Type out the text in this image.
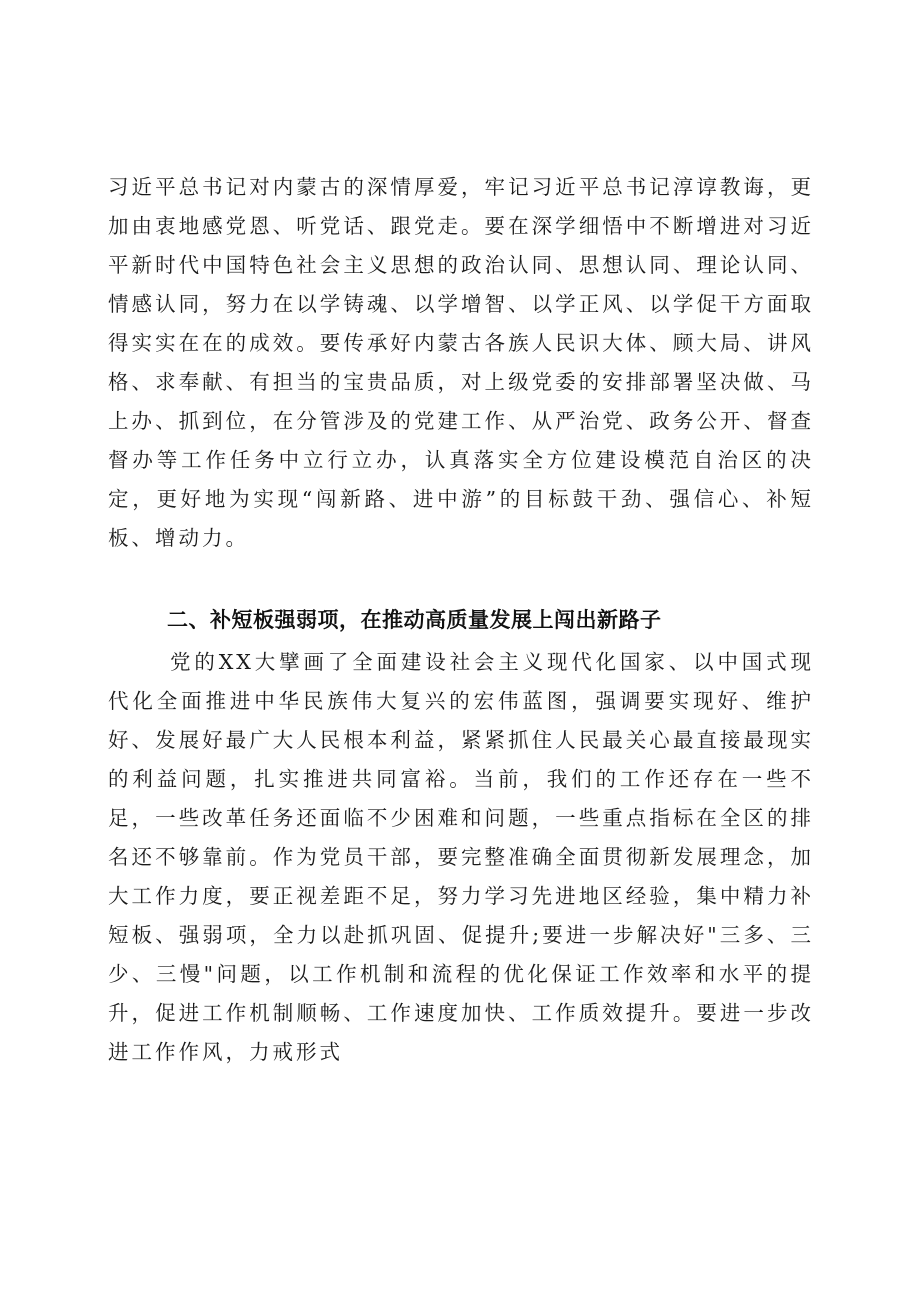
习近平总书记对内蒙古的深情厚爱，牢记习近平总书记淳谆教诲，更加由衷地感党恩、听党话、跟党走。要在深学细悟中不断增进对习近平新时代中国特色社会主义思想的政治认同、思想认同、理论认同、情感认同，努力在以学铸魂、以学增智、以学正风、以学促干方面取得实实在在的成效。要传承好内蒙古各族人民识大体、顾大局、讲风格、求奉献、有担当的宝贵品质，对上级党委的安排部署坚决做、马上办、抓到位，在分管涉及的党建工作、从严治党、政务公开、督查督办等工作任务中立行立办，认真落实全方位建设模范自治区的决定，更好地为实现“闯新路、进中游”的目标鼓干劲、强信心、补短板、增动力。

二、补短板强弱项，在推动高质量发展上闯出新路子

党的XX大擘画了全面建设社会主义现代化国家、以中国式现代化全面推进中华民族伟大复兴的宏伟蓝图，强调要实现好、维护好、发展好最广大人民根本利益，紧紧抓住人民最关心最直接最现实的利益问题，扎实推进共同富裕。当前，我们的工作还存在一些不足，一些改革任务还面临不少困难和问题，一些重点指标在全区的排名还不够靠前。作为党员干部，要完整准确全面贯彻新发展理念，加大工作力度，要正视差距不足，努力学习先进地区经验，集中精力补短板、强弱项，全力以赴抓巩固、促提升;要进一步解决好"三多、三少、三慢"问题，以工作机制和流程的优化保证工作效率和水平的提升，促进工作机制顺畅、工作速度加快、工作质效提升。要进一步改进工作作风，力戒形式
